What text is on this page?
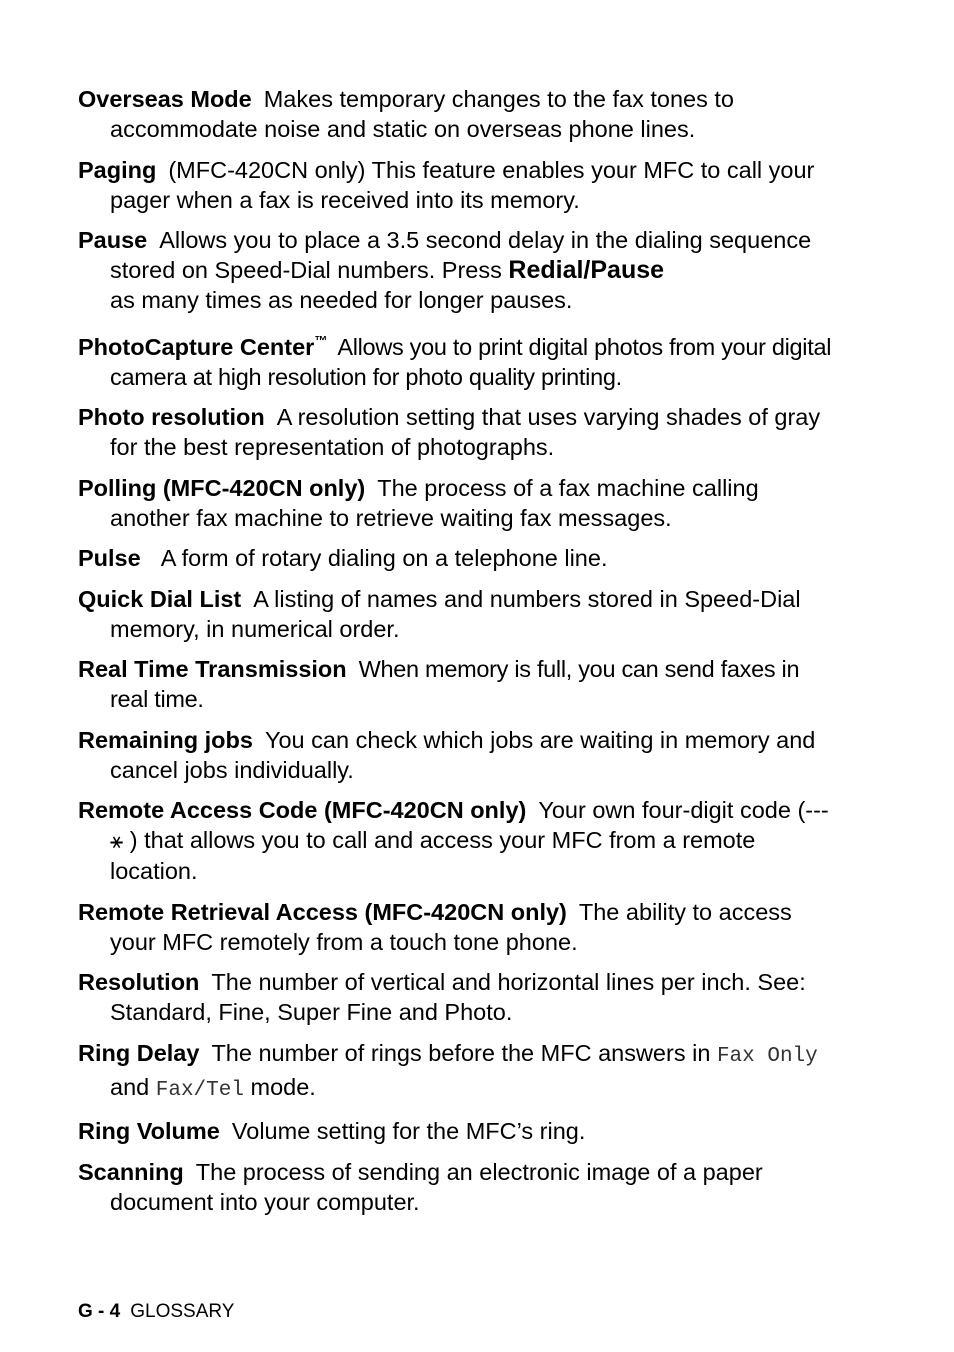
Overseas Mode Makes temporary changes to the fax tones to accommodate noise and static on overseas phone lines.

Paging (MFC-420CN only) This feature enables your MFC to call your pager when a fax is received into its memory.

Pause Allows you to place a 3.5 second delay in the dialing sequence stored on Speed-Dial numbers. Press Redial/Pause
as many times as needed for longer pauses.

PhotoCapture Center™ Allows you to print digital photos from your digital camera at high resolution for photo quality printing.

Photo resolution A resolution setting that uses varying shades of gray for the best representation of photographs.

Polling (MFC-420CN only) The process of a fax machine calling another fax machine to retrieve waiting fax messages.

Pulse A form of rotary dialing on a telephone line.

Quick Dial List A listing of names and numbers stored in Speed-Dial memory, in numerical order.

Real Time Transmission When memory is full, you can send faxes in real time.

Remaining jobs You can check which jobs are waiting in memory and cancel jobs individually.

Remote Access Code (MFC-420CN only) Your own four-digit code (--- ⚹ ) that allows you to call and access your MFC from a remote location.

Remote Retrieval Access (MFC-420CN only) The ability to access your MFC remotely from a touch tone phone.

Resolution The number of vertical and horizontal lines per inch. See: Standard, Fine, Super Fine and Photo.

Ring Delay The number of rings before the MFC answers in Fax Only and Fax/Tel mode.

Ring Volume Volume setting for the MFC’s ring.

Scanning The process of sending an electronic image of a paper document into your computer.

G - 4 GLOSSARY
